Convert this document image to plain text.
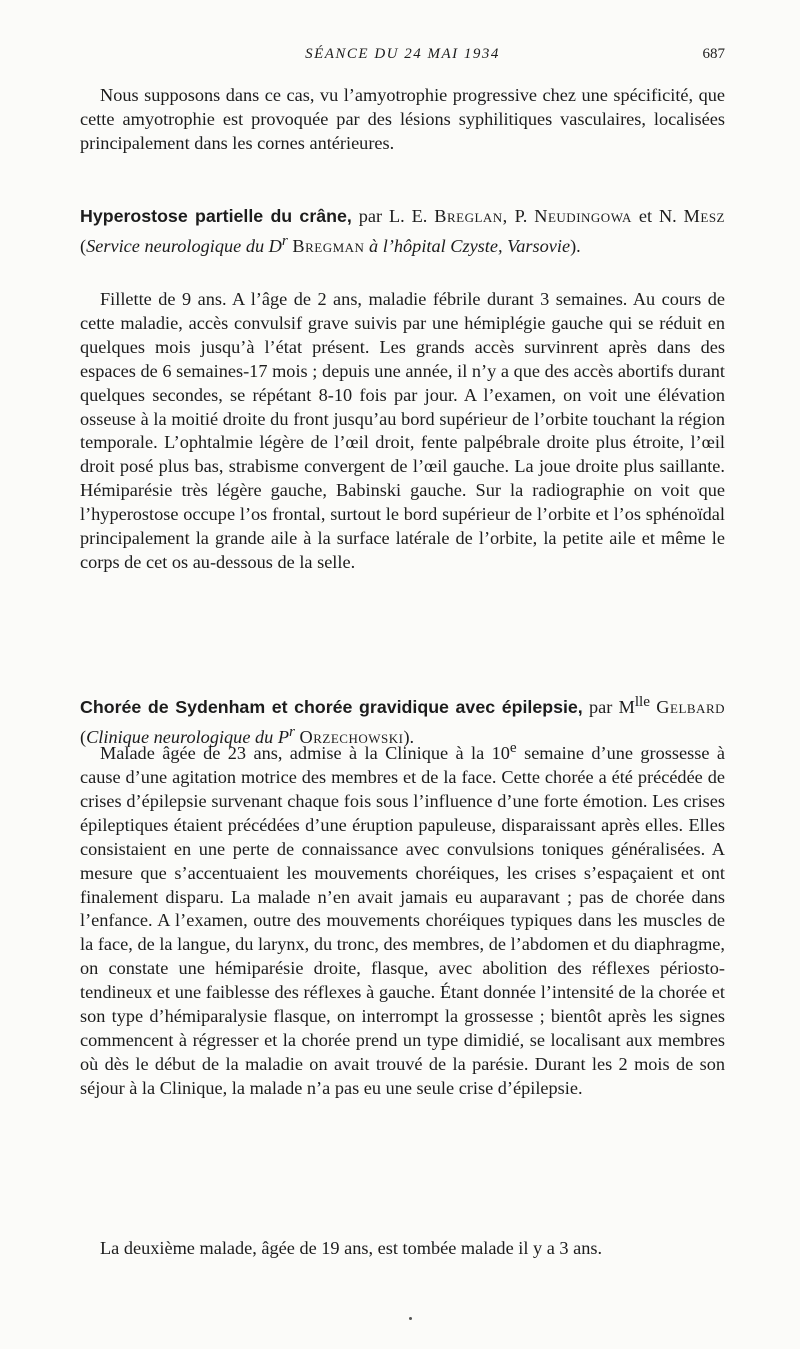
SÉANCE DU 24 MAI 1934	687

Nous supposons dans ce cas, vu l’amyotrophie progressive chez une spécificité, que cette amyotrophie est provoquée par des lésions syphilitiques vasculaires, localisées principalement dans les cornes antérieures.

Hyperostose partielle du crâne, par L. E. Breglan, P. Neudingowa et N. Mesz (Service neurologique du $D^r$ Bregman à l’hôpital Czyste, Varsovie).

Fillette de 9 ans. A l’âge de 2 ans, maladie fébrile durant 3 semaines. Au cours de cette maladie, accès convulsif grave suivis par une hémiplégie gauche qui se réduit en quelques mois jusqu’à l’état présent. Les grands accès survinrent après dans des espaces de 6 semaines-17 mois ; depuis une année, il n’y a que des accès abortifs durant quelques secondes, se répétant 8-10 fois par jour. A l’examen, on voit une élévation osseuse à la moitié droite du front jusqu’au bord supérieur de l’orbite touchant la région temporale. L’ophtalmie légère de l’œil droit, fente palpébrale droite plus étroite, l’œil droit posé plus bas, strabisme convergent de l’œil gauche. La joue droite plus saillante. Hémiparésie très légère gauche, Babinski gauche. Sur la radiographie on voit que l’hyperostose occupe l’os frontal, surtout le bord supérieur de l’orbite et l’os sphénoïdal principalement la grande aile à la surface latérale de l’orbite, la petite aile et même le corps de cet os au-dessous de la selle.

Chorée de Sydenham et chorée gravidique avec épilepsie, par $M^{lle}$ Gelbard (Clinique neurologique du $P^r$ Orzechowski).

Malade âgée de 23 ans, admise à la Clinique à la 10e semaine d’une grossesse à cause d’une agitation motrice des membres et de la face. Cette chorée a été précédée de crises d’épilepsie survenant chaque fois sous l’influence d’une forte émotion. Les crises épileptiques étaient précédées d’une éruption papuleuse, disparaissant après elles. Elles consistaient en une perte de connaissance avec convulsions toniques généralisées. A mesure que s’accentuaient les mouvements choréiques, les crises s’espaçaient et ont finalement disparu. La malade n’en avait jamais eu auparavant ; pas de chorée dans l’enfance. A l’examen, outre des mouvements choréiques typiques dans les muscles de la face, de la langue, du larynx, du tronc, des membres, de l’abdomen et du diaphragme, on constate une hémiparésie droite, flasque, avec abolition des réflexes périosto-tendineux et une faiblesse des réflexes à gauche. Étant donnée l’intensité de la chorée et son type d’hémiparalysie flasque, on interrompt la grossesse ; bientôt après les signes commencent à régresser et la chorée prend un type dimidié, se localisant aux membres où dès le début de la maladie on avait trouvé de la parésie. Durant les 2 mois de son séjour à la Clinique, la malade n’a pas eu une seule crise d’épilepsie.

La deuxième malade, âgée de 19 ans, est tombée malade il y a 3 ans.
